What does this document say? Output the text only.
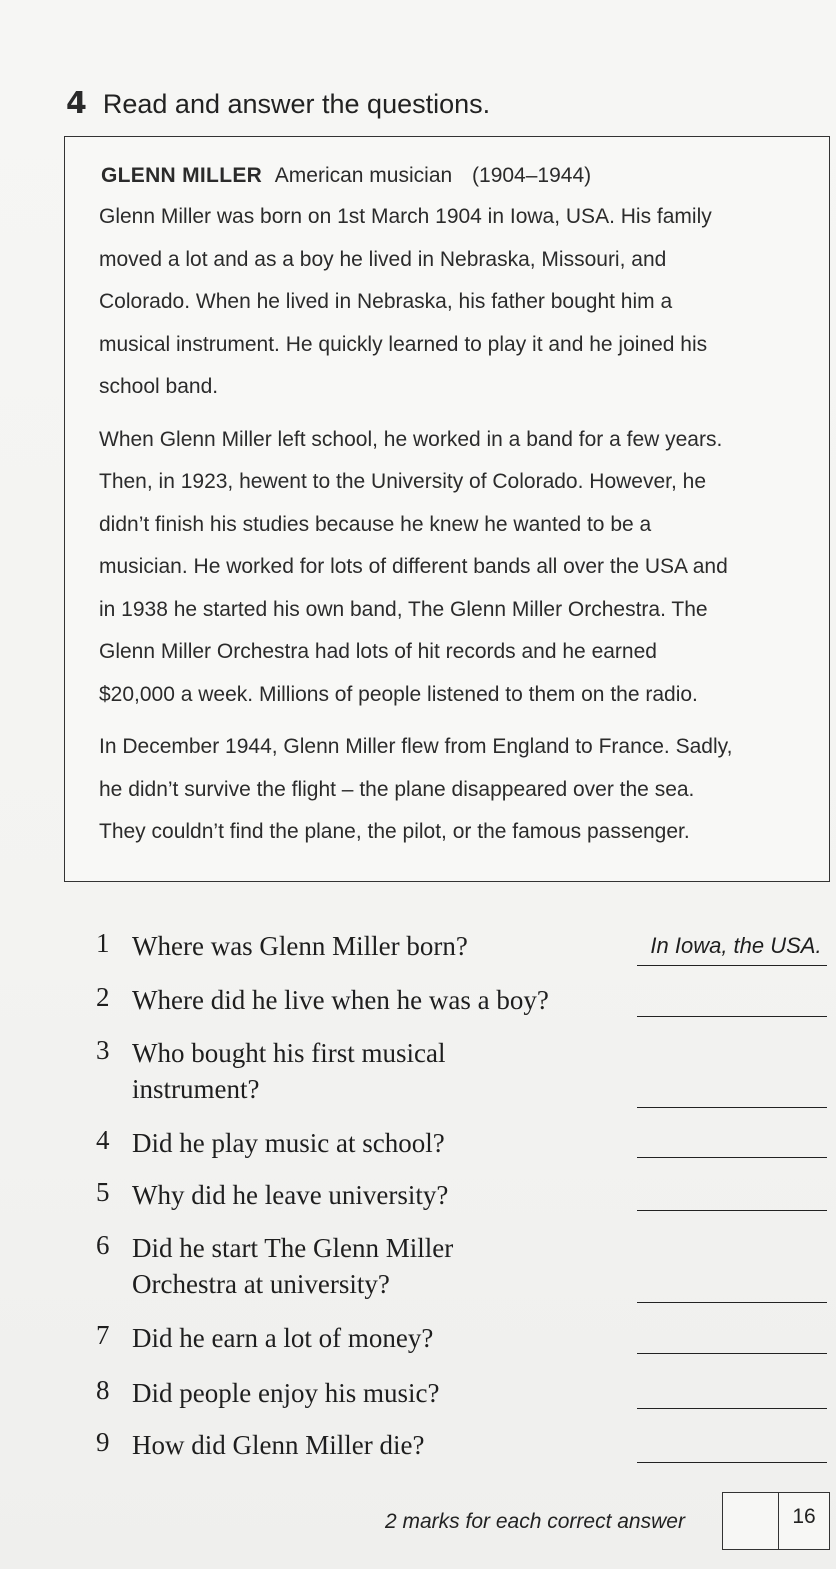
4 Read and answer the questions.
GLENN MILLER American musician (1904–1944)

Glenn Miller was born on 1st March 1904 in Iowa, USA. His family

moved a lot and as a boy he lived in Nebraska, Missouri, and

Colorado. When he lived in Nebraska, his father bought him a

musical instrument. He quickly learned to play it and he joined his

school band.

When Glenn Miller left school, he worked in a band for a few years.

Then, in 1923, hewent to the University of Colorado. However, he

didn’t finish his studies because he knew he wanted to be a

musician. He worked for lots of different bands all over the USA and

in 1938 he started his own band, The Glenn Miller Orchestra. The

Glenn Miller Orchestra had lots of hit records and he earned

$20,000 a week. Millions of people listened to them on the radio.

In December 1944, Glenn Miller flew from England to France. Sadly,

he didn’t survive the flight – the plane disappeared over the sea.

They couldn’t find the plane, the pilot, or the famous passenger.

1 Where was Glenn Miller born?	In Iowa, the USA.
2 Where did he live when he was a boy?
3 Who bought his first musical instrument?
4 Did he play music at school?
5 Why did he leave university?
6 Did he start The Glenn Miller Orchestra at university?
7 Did he earn a lot of money?
8 Did people enjoy his music?
9 How did Glenn Miller die?
2 marks for each correct answer	16
